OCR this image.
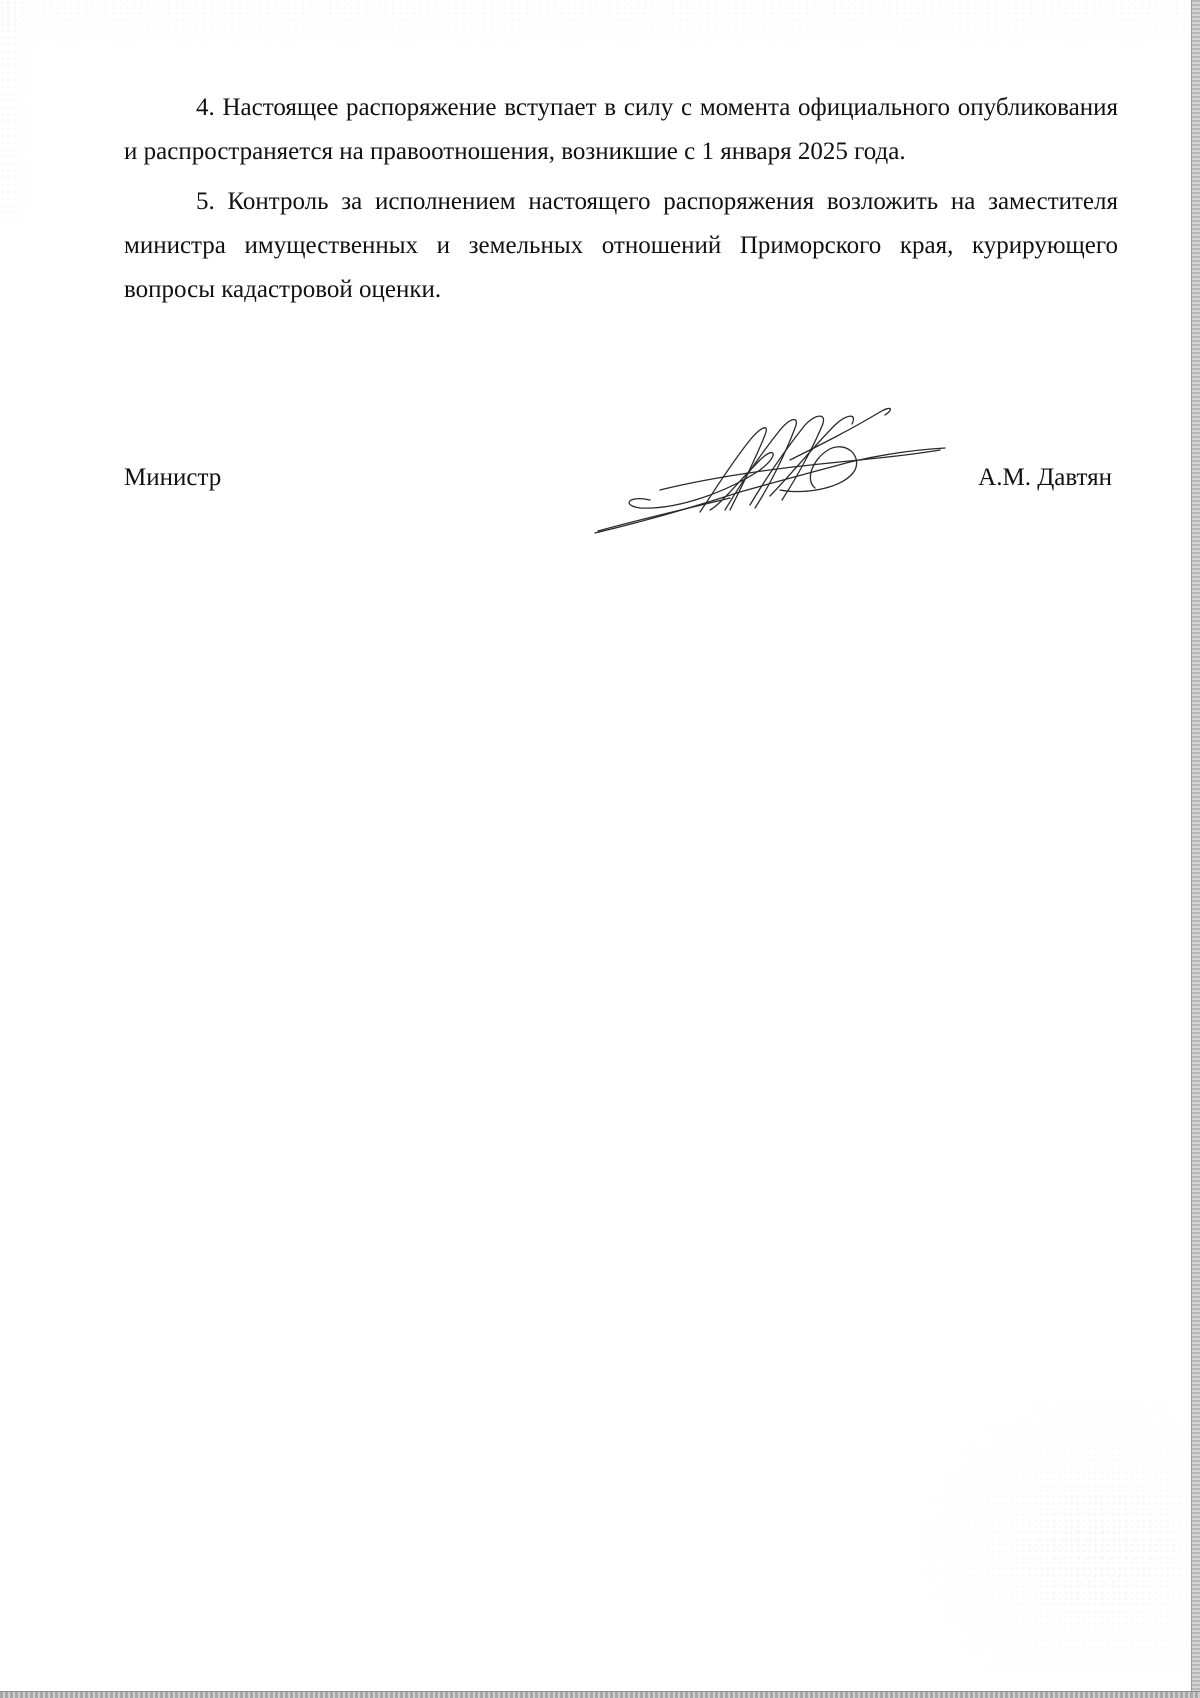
4. Настоящее распоряжение вступает в силу с момента официального опубликования и распространяется на правоотношения, возникшие с 1 января 2025 года.

5. Контроль за исполнением настоящего распоряжения возложить на заместителя министра имущественных и земельных отношений Приморского края, курирующего вопросы кадастровой оценки.

Министр	А.М. Давтян
